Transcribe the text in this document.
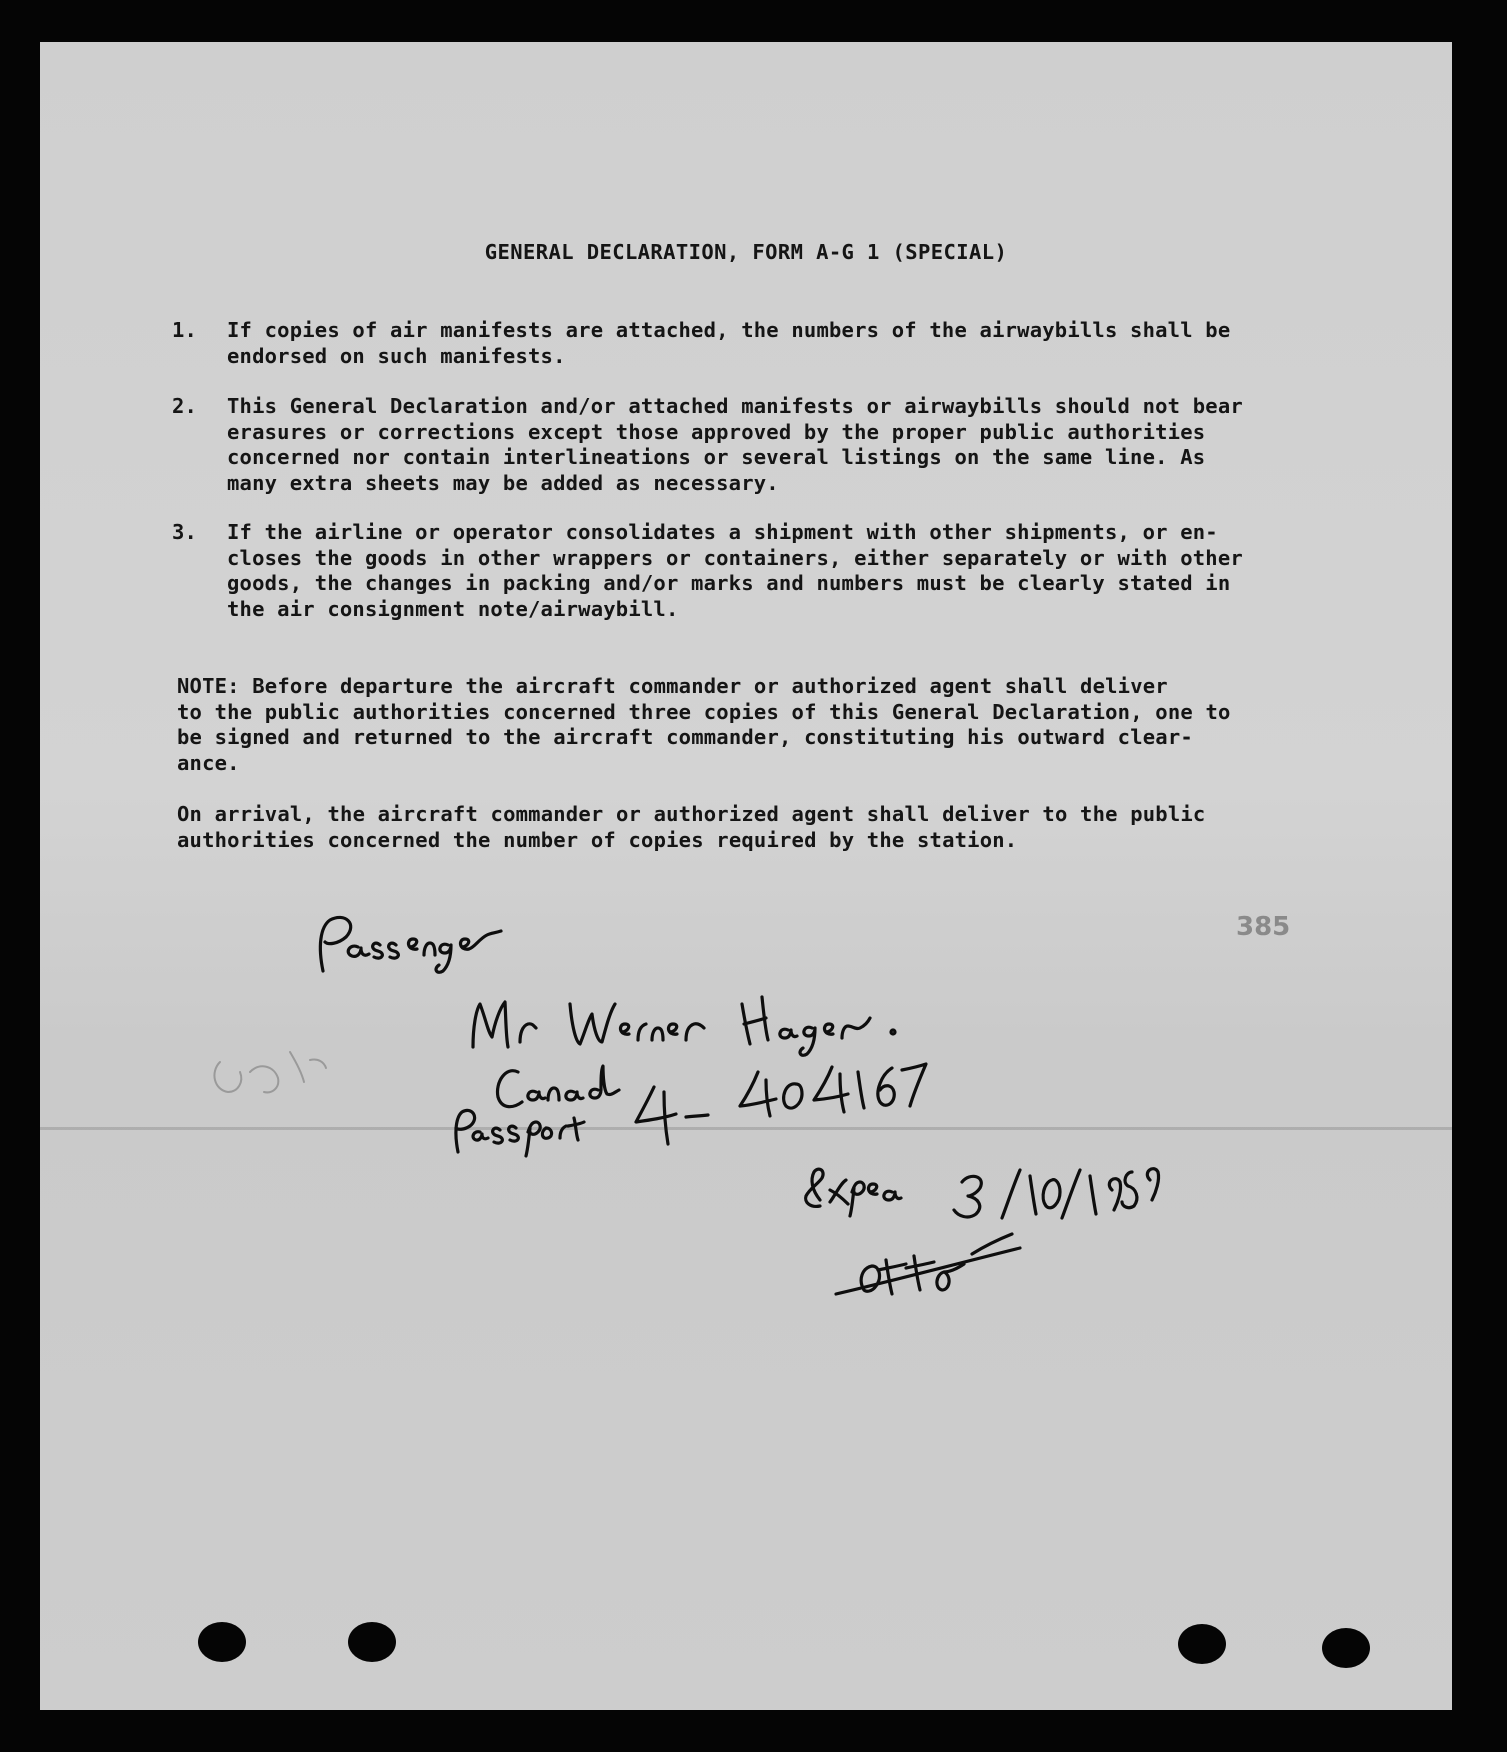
GENERAL DECLARATION, FORM A-G 1 (SPECIAL)
1. If copies of air manifests are attached, the numbers of the airwaybills shall be
endorsed on such manifests.
2. This General Declaration and/or attached manifests or airwaybills should not bear
erasures or corrections except those approved by the proper public authorities
concerned nor contain interlineations or several listings on the same line. As
many extra sheets may be added as necessary.
3. If the airline or operator consolidates a shipment with other shipments, or en-
closes the goods in other wrappers or containers, either separately or with other
goods, the changes in packing and/or marks and numbers must be clearly stated in
the air consignment note/airwaybill.
NOTE: Before departure the aircraft commander or authorized agent shall deliver
to the public authorities concerned three copies of this General Declaration, one to
be signed and returned to the aircraft commander, constituting his outward clear-
ance.
On arrival, the aircraft commander or authorized agent shall deliver to the public
authorities concerned the number of copies required by the station.
385
